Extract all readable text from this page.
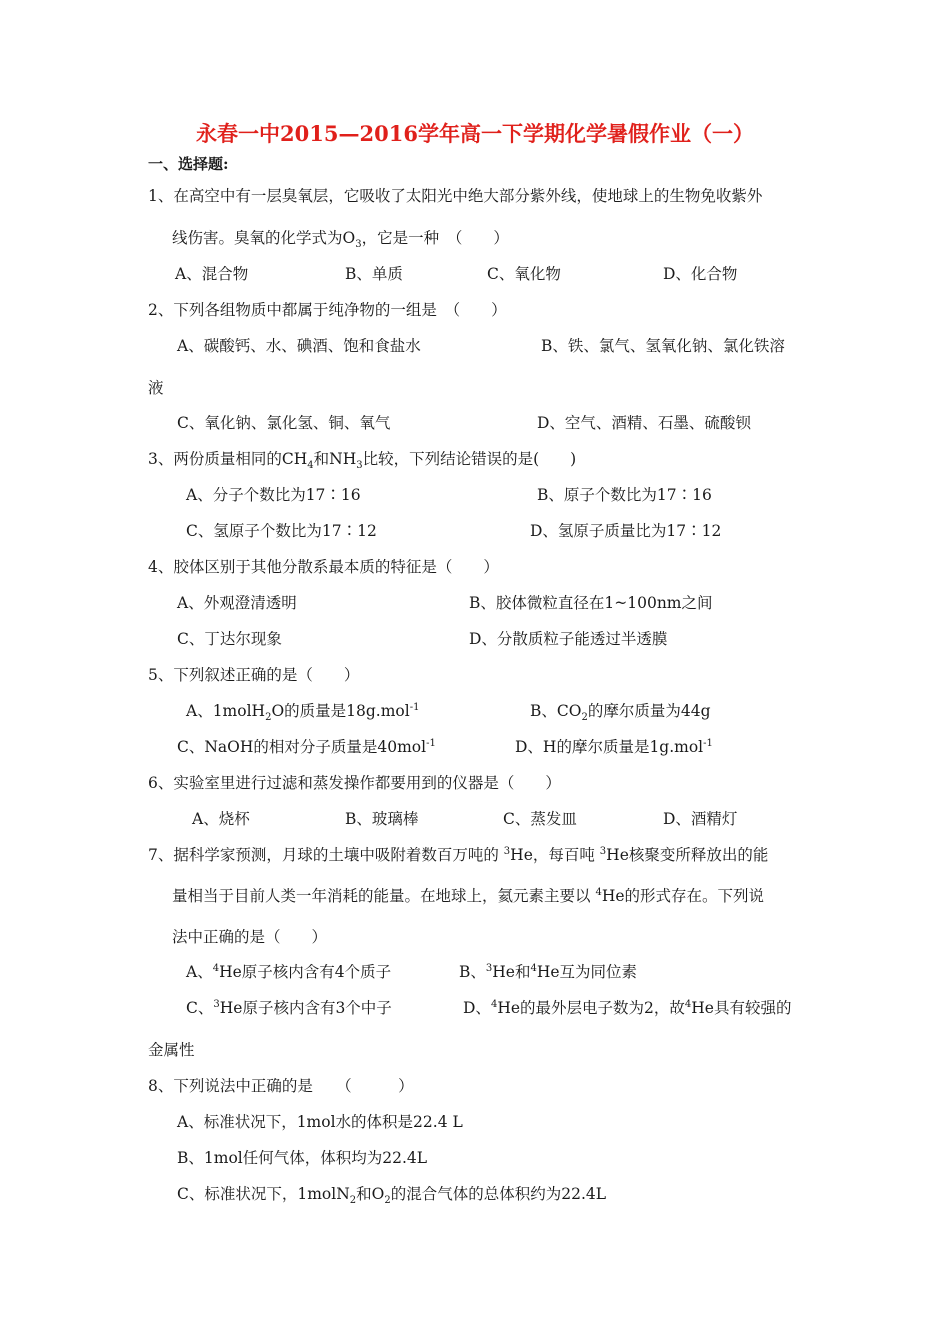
永春一中2015—2016学年高一下学期化学暑假作业（一）
一、选择题:
1、在高空中有一层臭氧层，它吸收了太阳光中绝大部分紫外线，使地球上的生物免收紫外
线伤害。臭氧的化学式为$O_3$，它是一种　（　　）
A、混合物	B、单质	C、氧化物	D、化合物
2、下列各组物质中都属于纯净物的一组是　（　　）
A、碳酸钙、水、碘酒、饱和食盐水	B、铁、氯气、氢氧化钠、氯化铁溶
液
C、氧化钠、氯化氢、铜、氧气	D、空气、酒精、石墨、硫酸钡
3、两份质量相同的$CH_4$和$NH_3$比较，下列结论错误的是(　　)
A、分子个数比为17∶16	B、原子个数比为17∶16
C、氢原子个数比为17∶12	D、氢原子质量比为17∶12
4、胶体区别于其他分散系最本质的特征是（　　）
A、外观澄清透明	B、胶体微粒直径在1~100nm之间
C、丁达尔现象	D、分散质粒子能透过半透膜
5、下列叙述正确的是（　　）
A、1molH$_2$O的质量是18g.mol$^{-1}$	B、$CO_2$的摩尔质量为44g
C、NaOH的相对分子质量是40mol$^{-1}$	D、H的摩尔质量是1g.mol$^{-1}$
6、实验室里进行过滤和蒸发操作都要用到的仪器是（　　）
A、烧杯	B、玻璃棒	C、蒸发皿	D、酒精灯
7、据科学家预测，月球的土壤中吸附着数百万吨的 $^3$He，每百吨 $^3$He核聚变所释放出的能
量相当于目前人类一年消耗的能量。在地球上，氦元素主要以 $^4$He的形式存在。下列说
法中正确的是（　　）
A、$^4$He原子核内含有4个质子	B、$^3$He和$^4$He互为同位素
C、$^3$He原子核内含有3个中子	D、$^4$He的最外层电子数为2，故$^4$He具有较强的
金属性
8、下列说法中正确的是　　（　　　）
A、标准状况下，1mol水的体积是22.4 L
B、1mol任何气体，体积均为22.4L
C、标准状况下，1molN$_2$和$O_2$的混合气体的总体积约为22.4L
